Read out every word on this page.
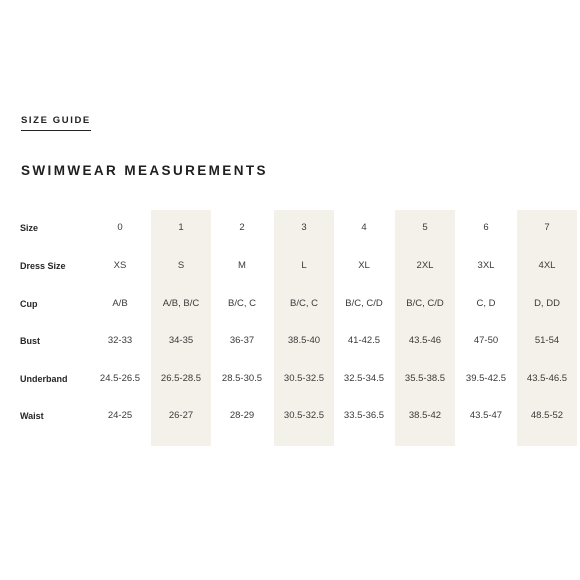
SIZE GUIDE
SWIMWEAR MEASUREMENTS
Size	0	1	2	3	4	5	6	7
Dress Size	XS	S	M	L	XL	2XL	3XL	4XL
Cup	A/B	A/B, B/C	B/C, C	B/C, C	B/C, C/D	B/C, C/D	C, D	D, DD
Bust	32-33	34-35	36-37	38.5-40	41-42.5	43.5-46	47-50	51-54
Underband	24.5-26.5	26.5-28.5	28.5-30.5	30.5-32.5	32.5-34.5	35.5-38.5	39.5-42.5	43.5-46.5
Waist	24-25	26-27	28-29	30.5-32.5	33.5-36.5	38.5-42	43.5-47	48.5-52
